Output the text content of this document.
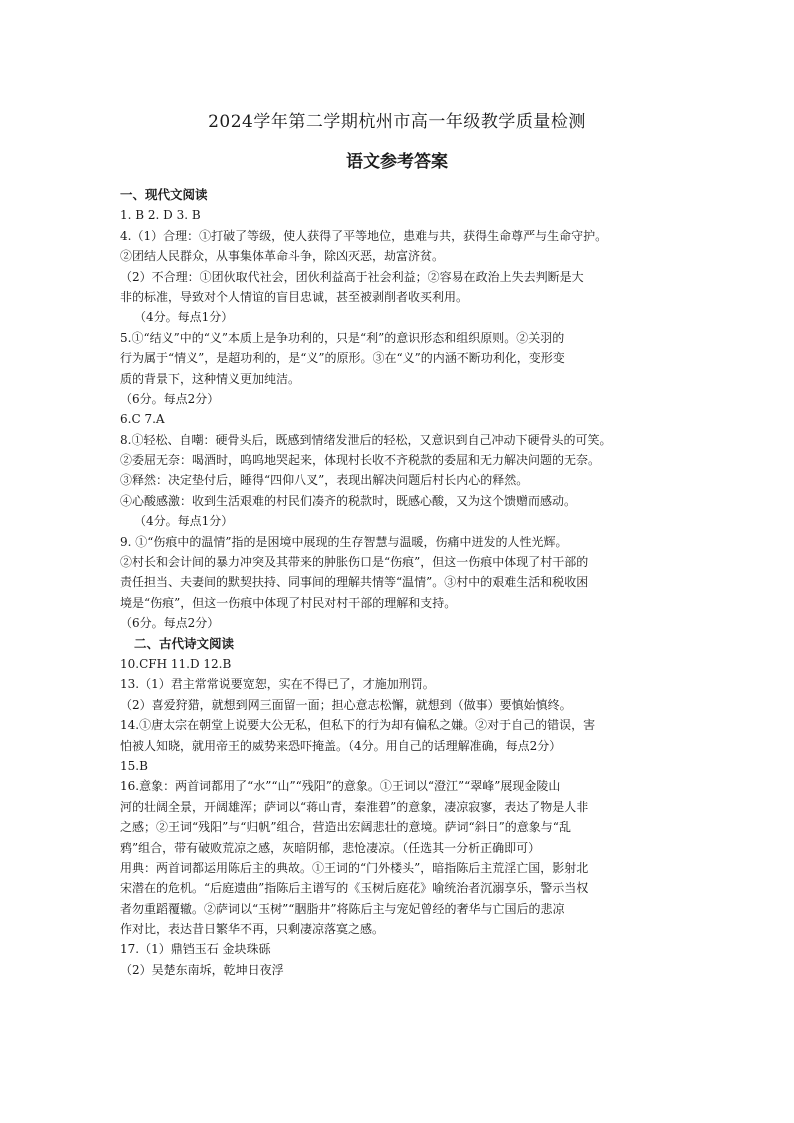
2024学年第二学期杭州市高一年级教学质量检测
语文参考答案
一、现代文阅读
1. B 2. D 3. B
4.（1）合理：①打破了等级，使人获得了平等地位，患难与共，获得生命尊严与生命守护。
②团结人民群众，从事集体革命斗争，除凶灭恶，劫富济贫。
（2）不合理：①团伙取代社会，团伙利益高于社会利益；②容易在政治上失去判断是大
非的标准，导致对个人情谊的盲目忠诚，甚至被剥削者收买利用。
（4分。每点1分）
5.①“结义”中的“义”本质上是争功利的，只是“利”的意识形态和组织原则。②关羽的
行为属于“情义”，是超功利的，是“义”的原形。③在“义”的内涵不断功利化，变形变
质的背景下，这种情义更加纯洁。
（6分。每点2分）
6.C 7.A
8.①轻松、自嘲：硬骨头后，既感到情绪发泄后的轻松，又意识到自己冲动下硬骨头的可笑。
②委屈无奈：喝酒时，呜呜地哭起来，体现村长收不齐税款的委屈和无力解决问题的无奈。
③释然：决定垫付后，睡得“四仰八叉”，表现出解决问题后村长内心的释然。
④心酸感激：收到生活艰难的村民们凑齐的税款时，既感心酸，又为这个馈赠而感动。
（4分。每点1分）
9. ①“伤痕中的温情”指的是困境中展现的生存智慧与温暖，伤痛中迸发的人性光辉。
②村长和会计间的暴力冲突及其带来的肿胀伤口是“伤痕”，但这一伤痕中体现了村干部的
责任担当、夫妻间的默契扶持、同事间的理解共情等“温情”。③村中的艰难生活和税收困
境是“伤痕”，但这一伤痕中体现了村民对村干部的理解和支持。
（6分。每点2分）
二、古代诗文阅读
10.CFH 11.D 12.B
13.（1）君主常常说要宽恕，实在不得已了，才施加刑罚。
（2）喜爱狩猎，就想到网三面留一面；担心意志松懈，就想到（做事）要慎始慎终。
14.①唐太宗在朝堂上说要大公无私，但私下的行为却有偏私之嫌。②对于自己的错误，害
怕被人知晓，就用帝王的威势来恐吓掩盖。（4分。用自己的话理解准确，每点2分）
15.B
16.意象：两首词都用了“水”“山”“残阳”的意象。①王词以“澄江”“翠峰”展现金陵山
河的壮阔全景，开阔雄浑；萨词以“蒋山青，秦淮碧”的意象，凄凉寂寥，表达了物是人非
之感；②王词“残阳”与“归帆”组合，营造出宏阔悲壮的意境。萨词“斜日”的意象与“乱
鸦”组合，带有破败荒凉之感，灰暗阴郁，悲怆凄凉。（任选其一分析正确即可）
用典：两首词都运用陈后主的典故。①王词的“门外楼头”，暗指陈后主荒淫亡国，影射北
宋潜在的危机。“后庭遗曲”指陈后主谱写的《玉树后庭花》喻统治者沉溺享乐，警示当权
者勿重蹈覆辙。②萨词以“玉树”“胭脂井”将陈后主与宠妃曾经的奢华与亡国后的悲凉
作对比，表达昔日繁华不再，只剩凄凉落寞之感。
17.（1）鼎铛玉石 金块珠砾
（2）吴楚东南坼，乾坤日夜浮
